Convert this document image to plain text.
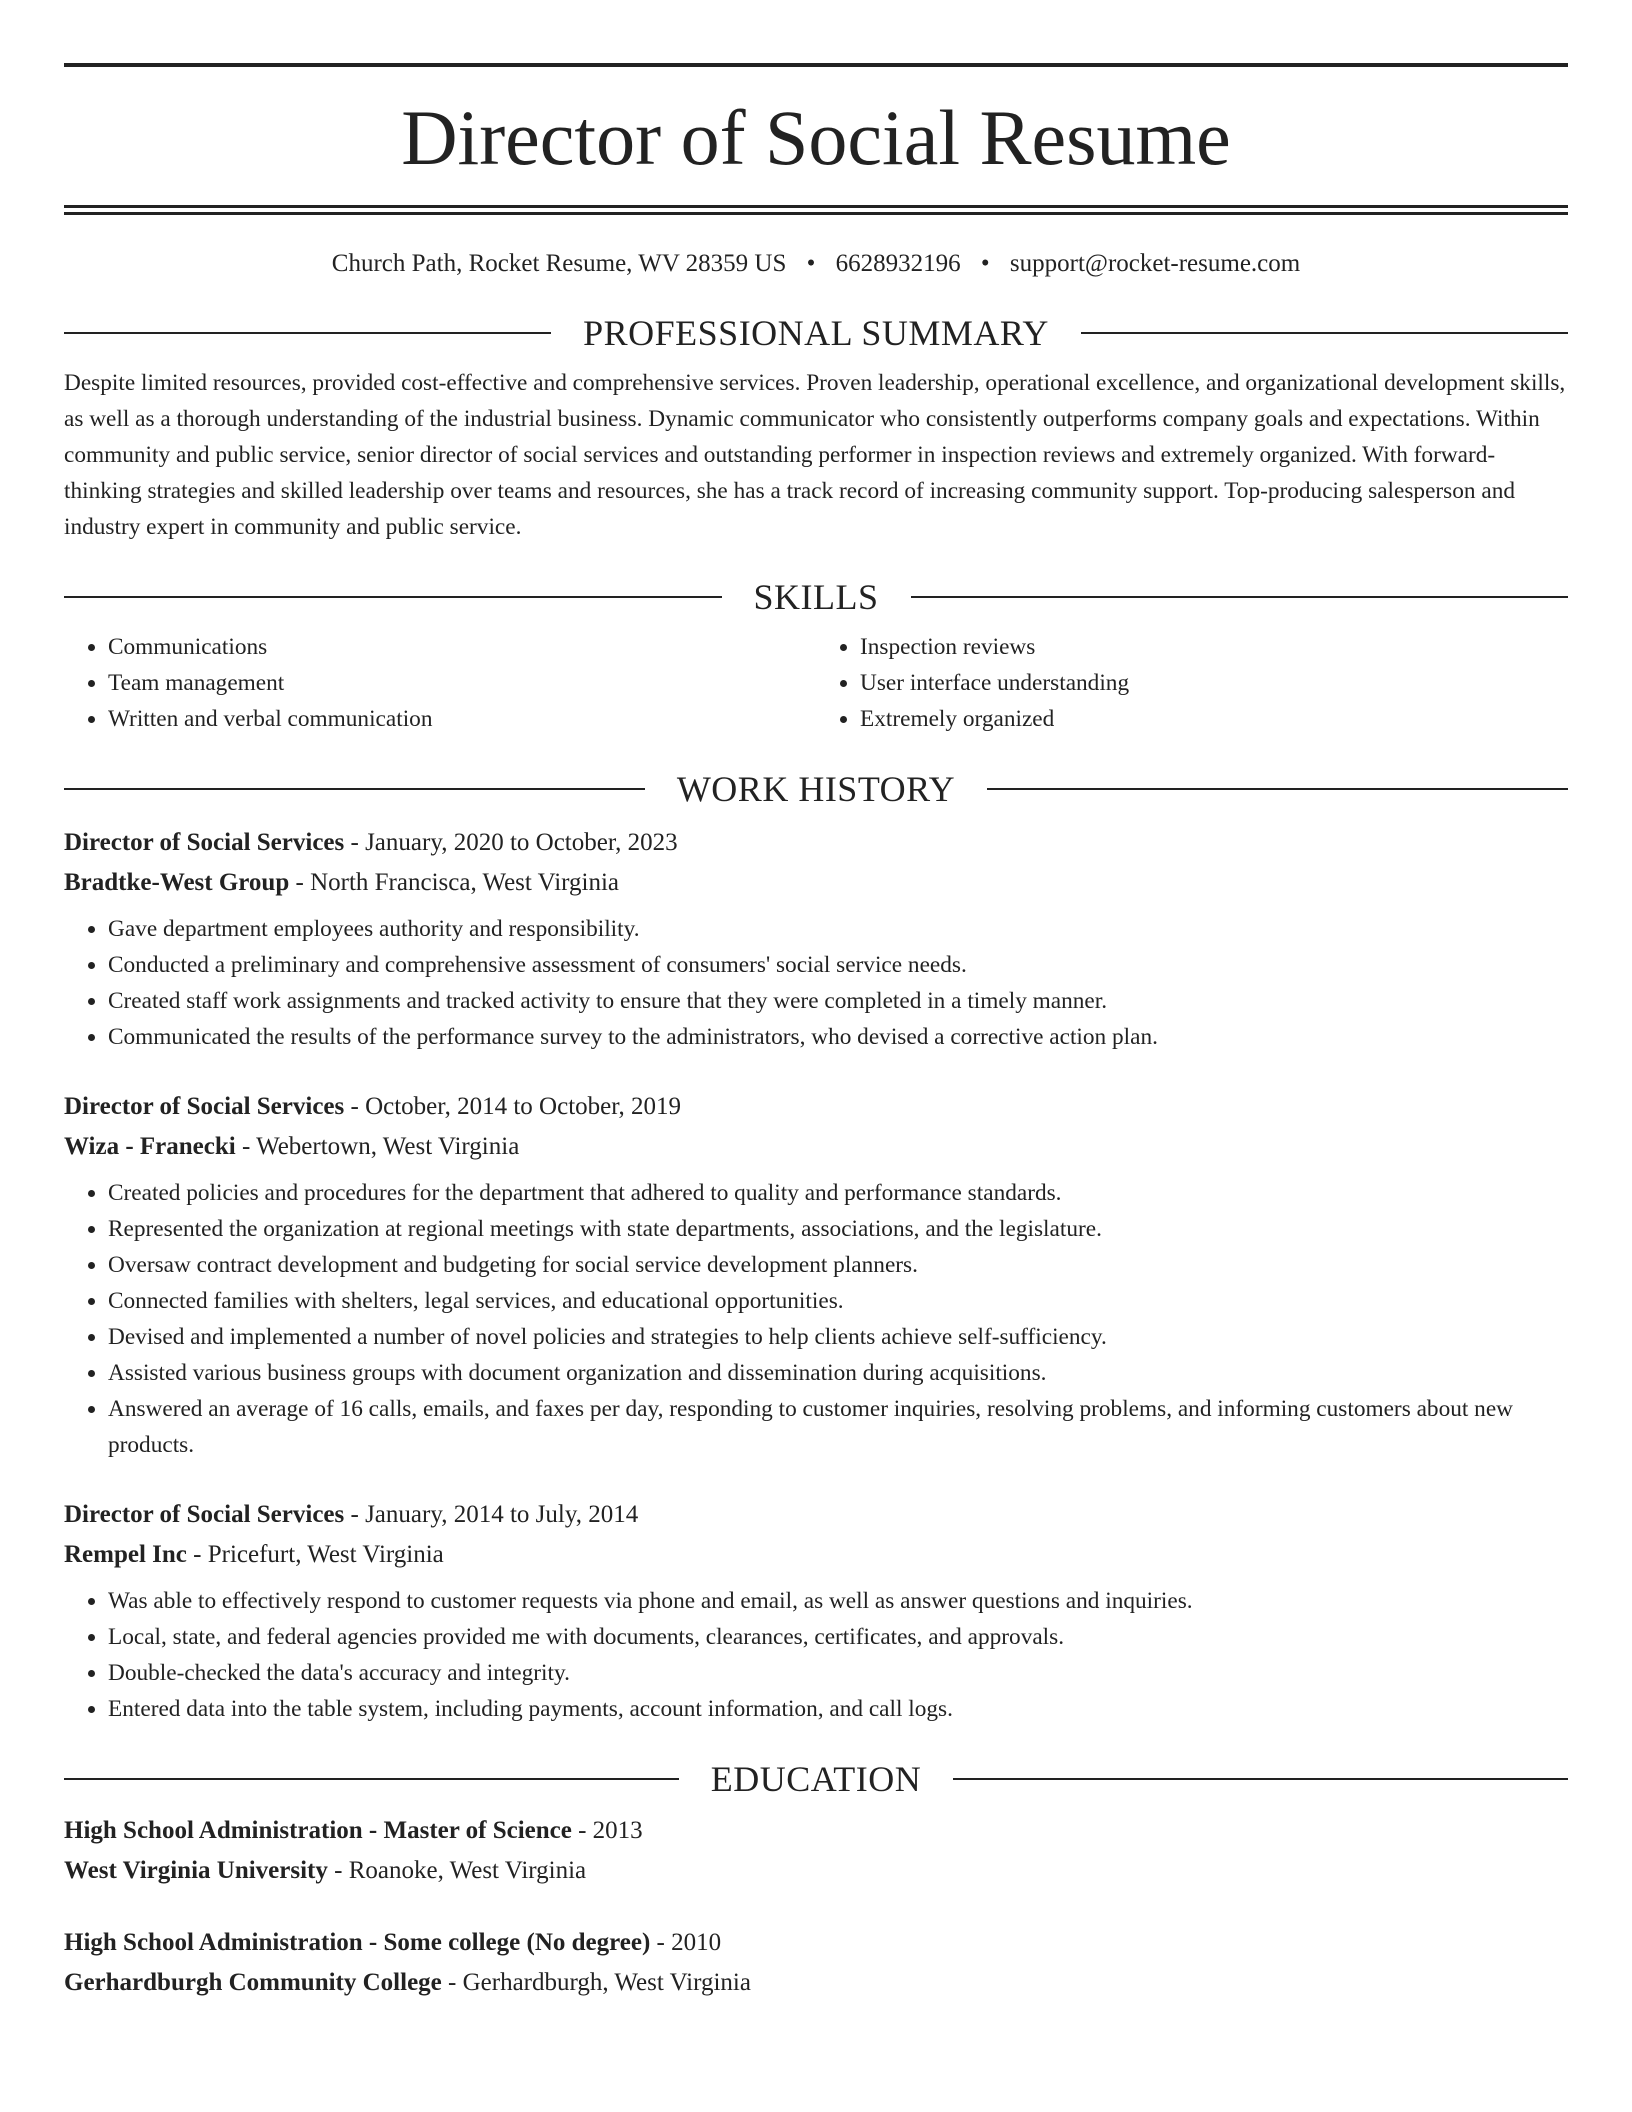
Director of Social Resume
Church Path, Rocket Resume, WV 28359 US • 6628932196 • support@rocket-resume.com
PROFESSIONAL SUMMARY

Despite limited resources, provided cost-effective and comprehensive services. Proven leadership, operational excellence, and organizational development skills, as well as a thorough understanding of the industrial business. Dynamic communicator who consistently outperforms company goals and expectations. Within community and public service, senior director of social services and outstanding performer in inspection reviews and extremely organized. With forward-thinking strategies and skilled leadership over teams and resources, she has a track record of increasing community support. Top-producing salesperson and industry expert in community and public service.

SKILLS
• Communications
• Team management
• Written and verbal communication
• Inspection reviews
• User interface understanding
• Extremely organized
WORK HISTORY
Director of Social Services - January, 2020 to October, 2023
Bradtke-West Group - North Francisca, West Virginia
• Gave department employees authority and responsibility.
• Conducted a preliminary and comprehensive assessment of consumers' social service needs.
• Created staff work assignments and tracked activity to ensure that they were completed in a timely manner.
• Communicated the results of the performance survey to the administrators, who devised a corrective action plan.
Director of Social Services - October, 2014 to October, 2019
Wiza - Franecki - Webertown, West Virginia
• Created policies and procedures for the department that adhered to quality and performance standards.
• Represented the organization at regional meetings with state departments, associations, and the legislature.
• Oversaw contract development and budgeting for social service development planners.
• Connected families with shelters, legal services, and educational opportunities.
• Devised and implemented a number of novel policies and strategies to help clients achieve self-sufficiency.
• Assisted various business groups with document organization and dissemination during acquisitions.
• Answered an average of 16 calls, emails, and faxes per day, responding to customer inquiries, resolving problems, and informing customers about new products.
Director of Social Services - January, 2014 to July, 2014
Rempel Inc - Pricefurt, West Virginia
• Was able to effectively respond to customer requests via phone and email, as well as answer questions and inquiries.
• Local, state, and federal agencies provided me with documents, clearances, certificates, and approvals.
• Double-checked the data's accuracy and integrity.
• Entered data into the table system, including payments, account information, and call logs.
EDUCATION
High School Administration - Master of Science - 2013
West Virginia University - Roanoke, West Virginia
High School Administration - Some college (No degree) - 2010
Gerhardburgh Community College - Gerhardburgh, West Virginia
